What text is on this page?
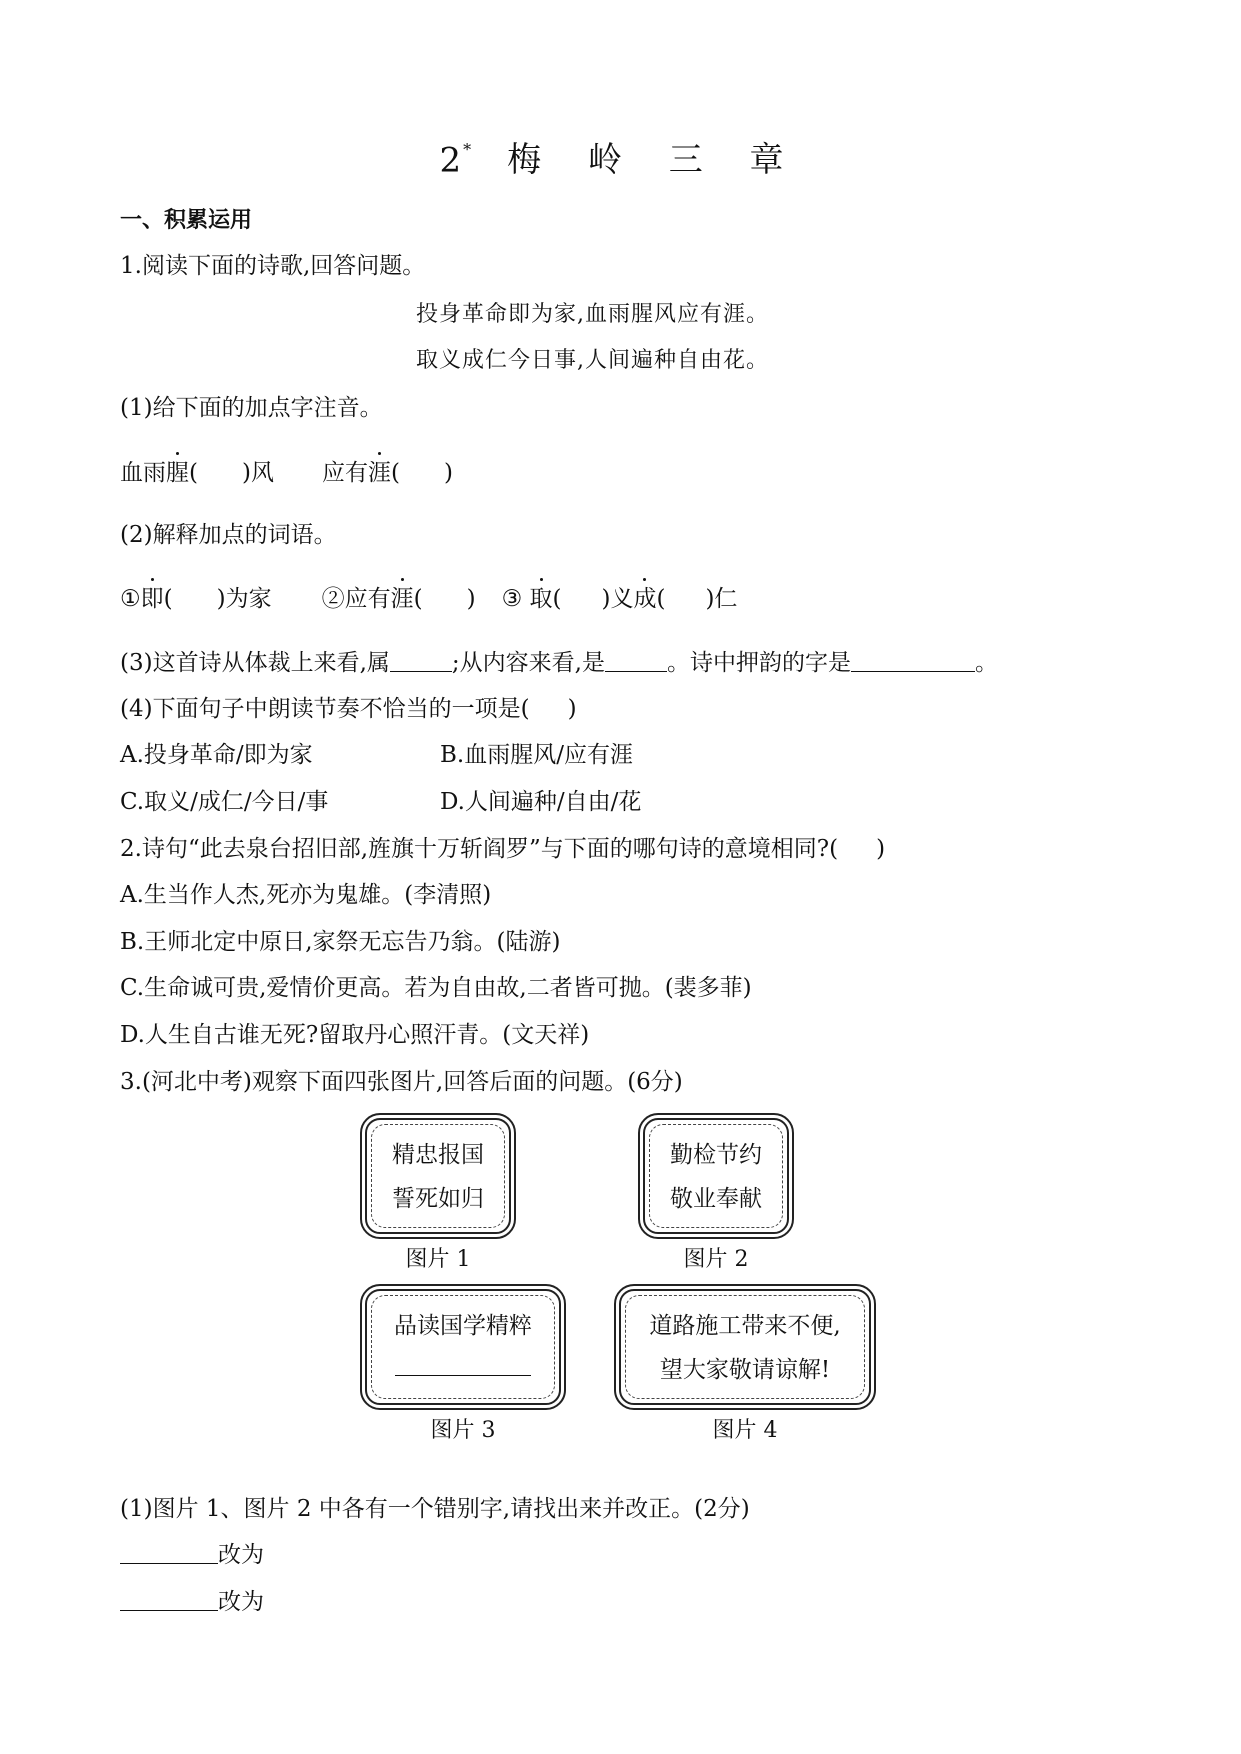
2* 梅 岭 三 章
一、积累运用
1.阅读下面的诗歌,回答问题。
投身革命即为家,血雨腥风应有涯。
取义成仁今日事,人间遍种自由花。
(1)给下面的加点字注音。
血雨腥( )风 应有涯( )
(2)解释加点的词语。
①即( )为家 ②应有涯( ) ③ 取( )义成( )仁
(3)这首诗从体裁上来看,属	;从内容来看,是	。诗中押韵的字是	。
(4)下面句子中朗读节奏不恰当的一项是( )
A.投身革命/即为家	B.血雨腥风/应有涯
C.取义/成仁/今日/事	D.人间遍种/自由/花
2.诗句“此去泉台招旧部,旌旗十万斩阎罗”与下面的哪句诗的意境相同?( )
A.生当作人杰,死亦为鬼雄。(李清照)
B.王师北定中原日,家祭无忘告乃翁。(陆游)
C.生命诚可贵,爱情价更高。若为自由故,二者皆可抛。(裴多菲)
D.人生自古谁无死?留取丹心照汗青。(文天祥)
3.(河北中考)观察下面四张图片,回答后面的问题。(6分)
精忠报国
誓死如归
图片 1
勤检节约
敬业奉献
图片 2
品读国学精粹
图片 3
道路施工带来不便,
望大家敬请谅解!
图片 4
(1)图片 1、图片 2 中各有一个错别字,请找出来并改正。(2分)
改为
改为
